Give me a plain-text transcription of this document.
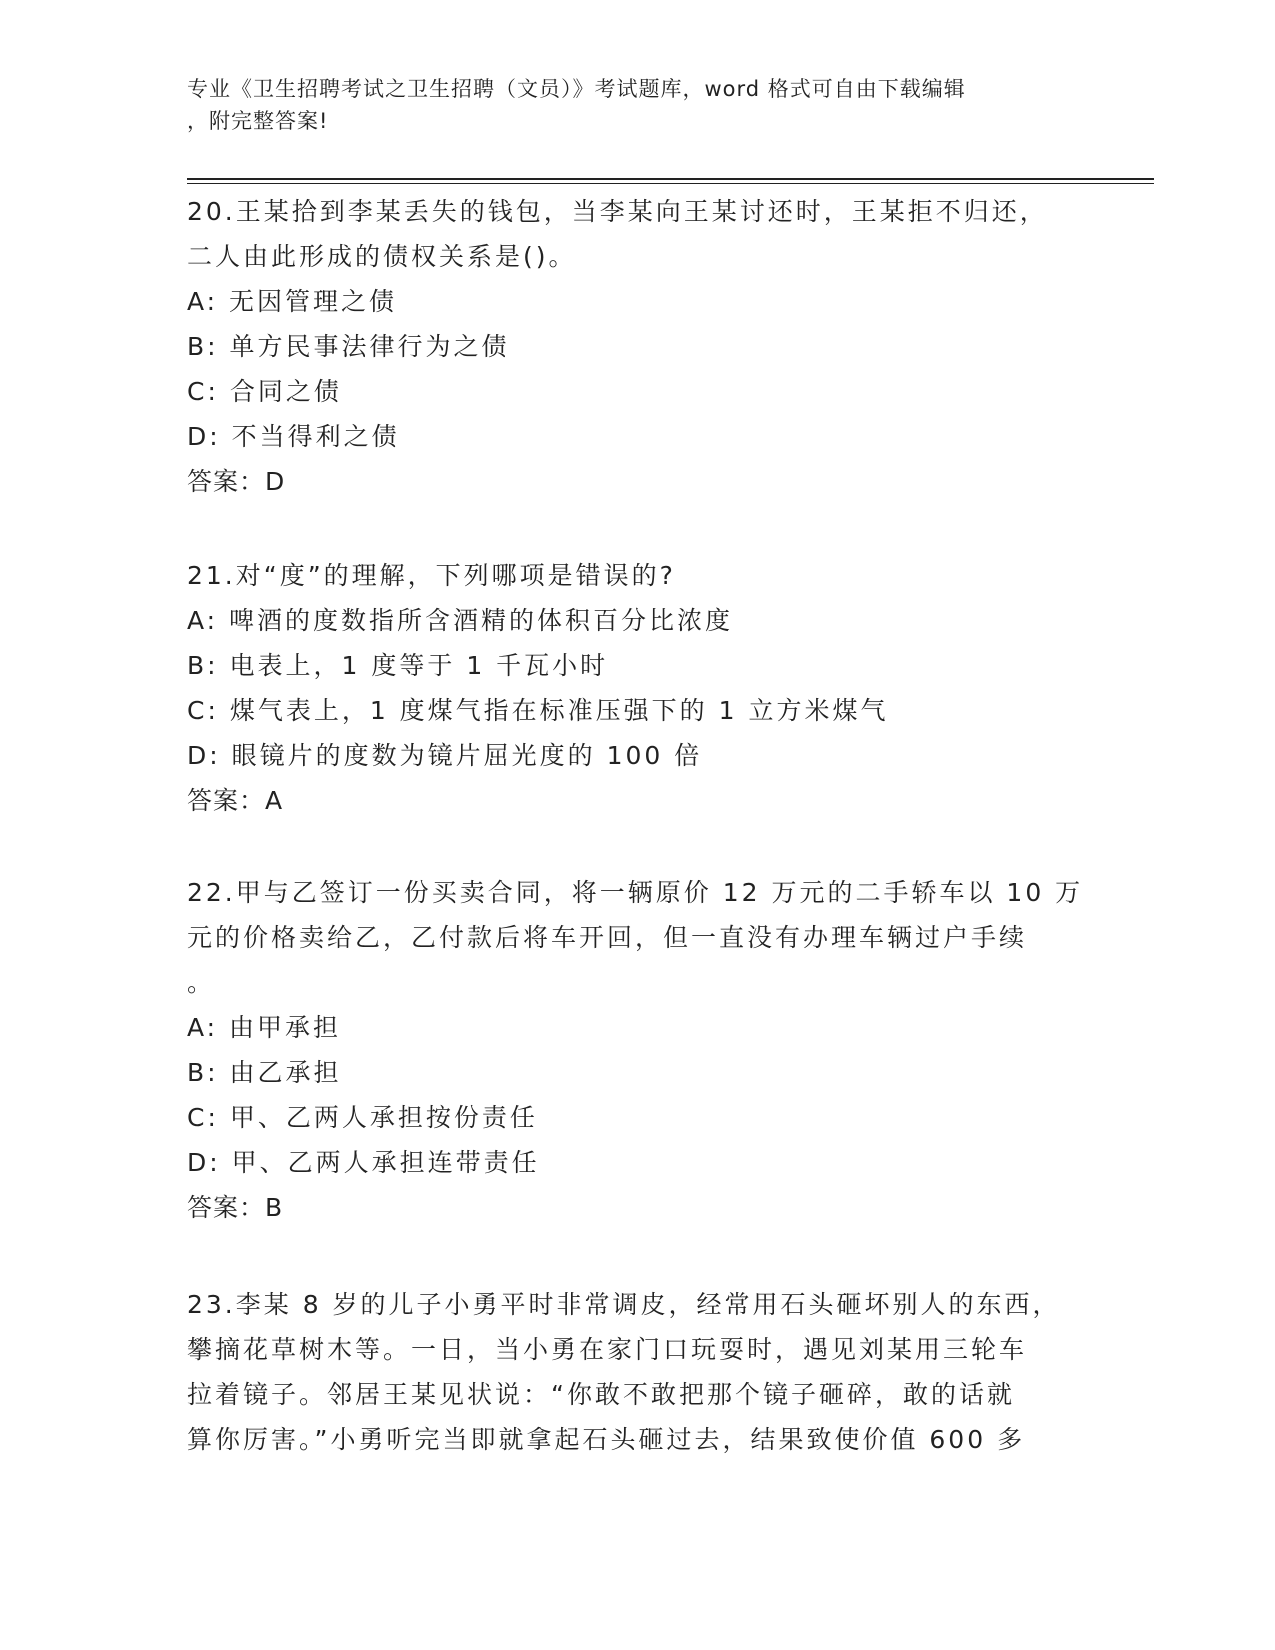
专业《卫生招聘考试之卫生招聘（文员）》考试题库，word 格式可自由下载编辑
，附完整答案!
20.王某拾到李某丢失的钱包，当李某向王某讨还时，王某拒不归还，
二人由此形成的债权关系是()。
A: 无因管理之债
B: 单方民事法律行为之债
C: 合同之债
D: 不当得利之债
答案：D
21.对“度”的理解，下列哪项是错误的?
A: 啤酒的度数指所含酒精的体积百分比浓度
B: 电表上，1 度等于 1 千瓦小时
C: 煤气表上，1 度煤气指在标准压强下的 1 立方米煤气
D: 眼镜片的度数为镜片屈光度的 100 倍
答案：A
22.甲与乙签订一份买卖合同，将一辆原价 12 万元的二手轿车以 10 万
元的价格卖给乙，乙付款后将车开回，但一直没有办理车辆过户手续
。
A: 由甲承担
B: 由乙承担
C: 甲、乙两人承担按份责任
D: 甲、乙两人承担连带责任
答案：B
23.李某 8 岁的儿子小勇平时非常调皮，经常用石头砸坏别人的东西，
攀摘花草树木等。一日，当小勇在家门口玩耍时，遇见刘某用三轮车
拉着镜子。邻居王某见状说：“你敢不敢把那个镜子砸碎，敢的话就
算你厉害。”小勇听完当即就拿起石头砸过去，结果致使价值 600 多
